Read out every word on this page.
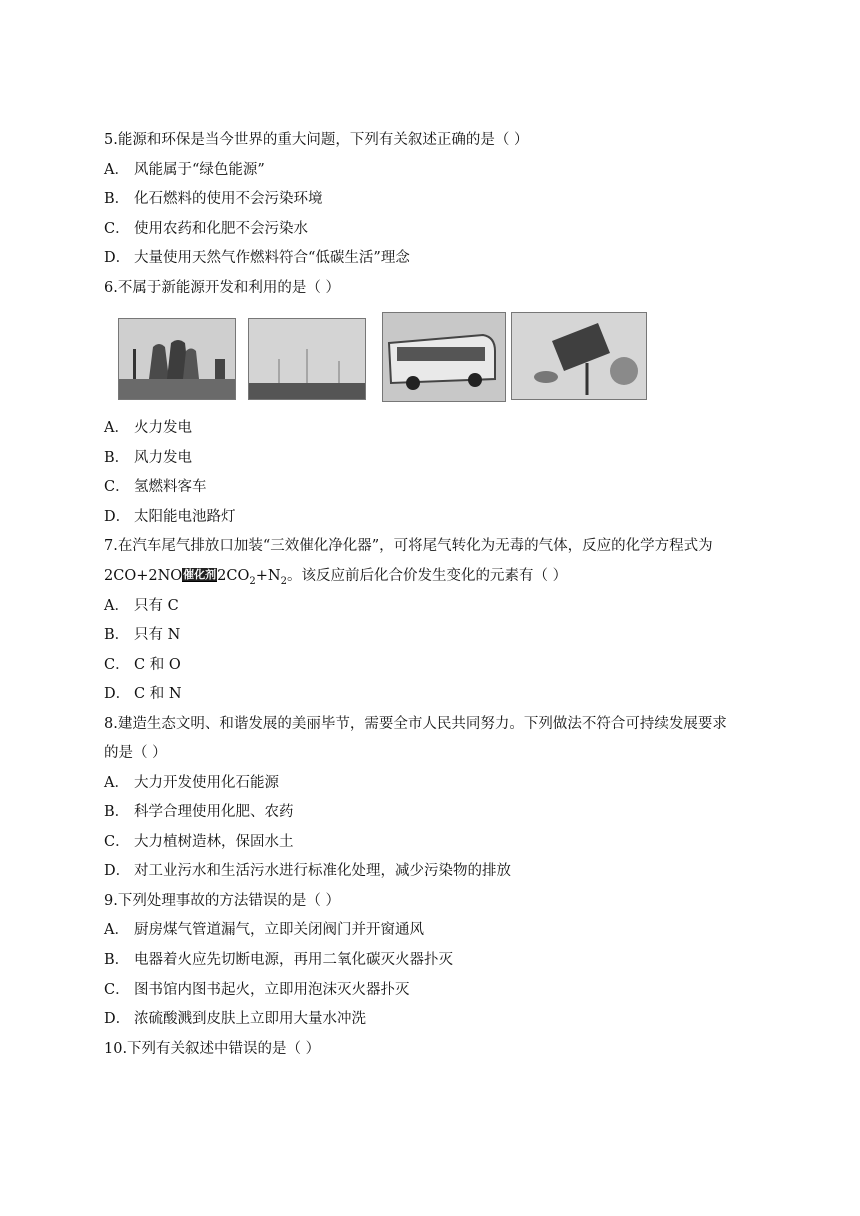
5.能源和环保是当今世界的重大问题，下列有关叙述正确的是（ ）
A． 风能属于“绿色能源”
B． 化石燃料的使用不会污染环境
C． 使用农药和化肥不会污染水
D． 大量使用天然气作燃料符合“低碳生活”理念
6.不属于新能源开发和利用的是（ ）
A． 火力发电
B． 风力发电
C． 氢燃料客车
D． 太阳能电池路灯
7.在汽车尾气排放口加装“三效催化净化器”，可将尾气转化为无毒的气体，反应的化学方程式为
2CO+2NO催化剂$2CO_2+N_2$。该反应前后化合价发生变化的元素有（ ）
A． 只有 C
B． 只有 N
C． C 和 O
D． C 和 N
8.建造生态文明、和谐发展的美丽毕节，需要全市人民共同努力。下列做法不符合可持续发展要求
的是（ ）
A． 大力开发使用化石能源
B． 科学合理使用化肥、农药
C． 大力植树造林，保固水土
D． 对工业污水和生活污水进行标准化处理，减少污染物的排放
9.下列处理事故的方法错误的是（ ）
A． 厨房煤气管道漏气，立即关闭阀门并开窗通风
B． 电器着火应先切断电源，再用二氧化碳灭火器扑灭
C． 图书馆内图书起火，立即用泡沫灭火器扑灭
D． 浓硫酸溅到皮肤上立即用大量水冲洗
10.下列有关叙述中错误的是（ ）
